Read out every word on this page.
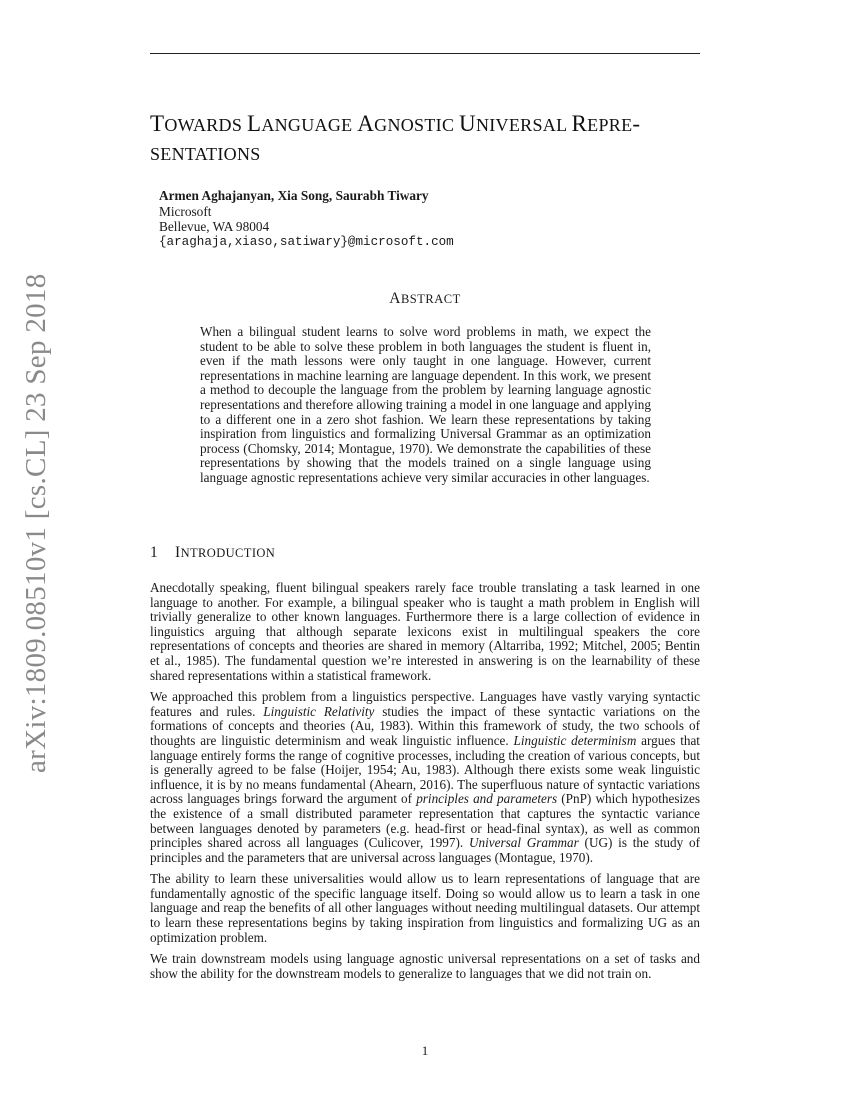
arXiv:1809.08510v1 [cs.CL] 23 Sep 2018
TOWARDS LANGUAGE AGNOSTIC UNIVERSAL REPRE-
SENTATIONS
Armen Aghajanyan, Xia Song, Saurabh Tiwary
Microsoft
Bellevue, WA 98004
{araghaja,xiaso,satiwary}@microsoft.com
ABSTRACT
When a bilingual student learns to solve word problems in math, we expect the student to be able to solve these problem in both languages the student is fluent in, even if the math lessons were only taught in one language. However, current representations in machine learning are language dependent. In this work, we present a method to decouple the language from the problem by learning language agnostic representations and therefore allowing training a model in one language and applying to a different one in a zero shot fashion. We learn these representations by taking inspiration from linguistics and formalizing Universal Grammar as an optimization process (Chomsky, 2014; Montague, 1970). We demonstrate the capabilities of these representations by showing that the models trained on a single language using language agnostic representations achieve very similar accuracies in other languages.
1 INTRODUCTION

Anecdotally speaking, fluent bilingual speakers rarely face trouble translating a task learned in one language to another. For example, a bilingual speaker who is taught a math problem in English will trivially generalize to other known languages. Furthermore there is a large collection of evidence in linguistics arguing that although separate lexicons exist in multilingual speakers the core representations of concepts and theories are shared in memory (Altarriba, 1992; Mitchel, 2005; Bentin et al., 1985). The fundamental question we’re interested in answering is on the learnability of these shared representations within a statistical framework.

We approached this problem from a linguistics perspective. Languages have vastly varying syntactic features and rules. Linguistic Relativity studies the impact of these syntactic variations on the formations of concepts and theories (Au, 1983). Within this framework of study, the two schools of thoughts are linguistic determinism and weak linguistic influence. Linguistic determinism argues that language entirely forms the range of cognitive processes, including the creation of various concepts, but is generally agreed to be false (Hoijer, 1954; Au, 1983). Although there exists some weak linguistic influence, it is by no means fundamental (Ahearn, 2016). The superfluous nature of syntactic variations across languages brings forward the argument of principles and parameters (PnP) which hypothesizes the existence of a small distributed parameter representation that captures the syntactic variance between languages denoted by parameters (e.g. head-first or head-final syntax), as well as common principles shared across all languages (Culicover, 1997). Universal Grammar (UG) is the study of principles and the parameters that are universal across languages (Montague, 1970).

The ability to learn these universalities would allow us to learn representations of language that are fundamentally agnostic of the specific language itself. Doing so would allow us to learn a task in one language and reap the benefits of all other languages without needing multilingual datasets. Our attempt to learn these representations begins by taking inspiration from linguistics and formalizing UG as an optimization problem.

We train downstream models using language agnostic universal representations on a set of tasks and show the ability for the downstream models to generalize to languages that we did not train on.

1
